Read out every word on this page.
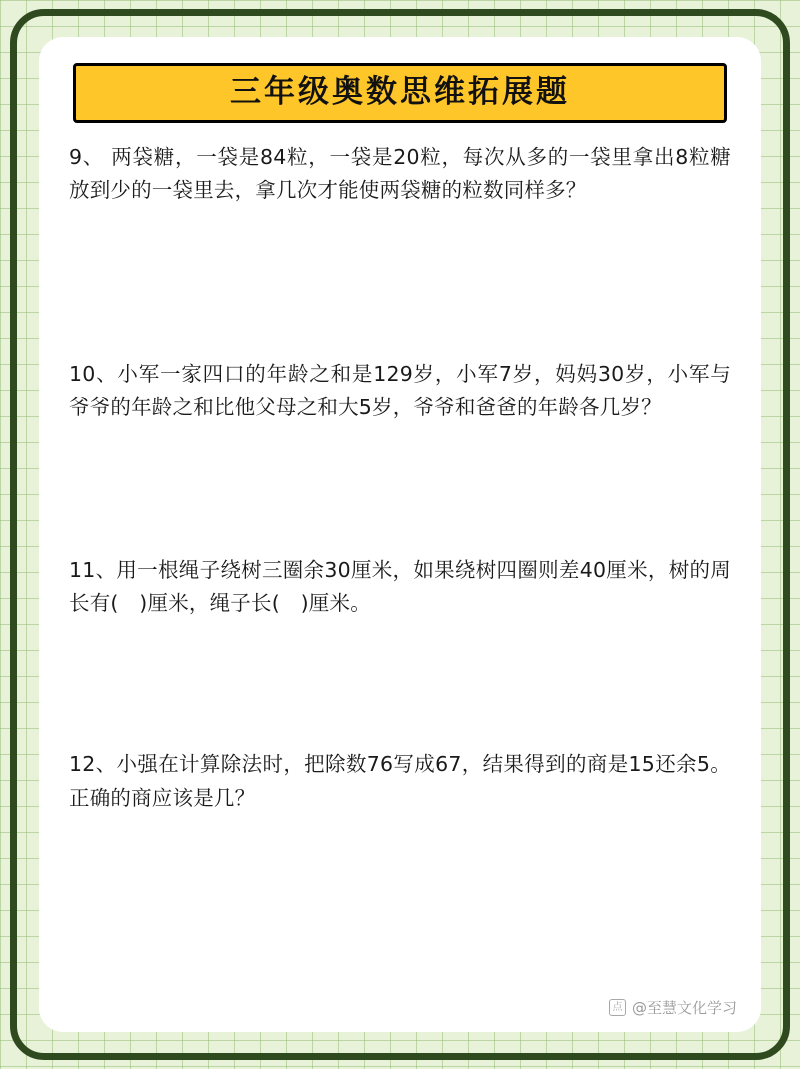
三年级奥数思维拓展题
9、 两袋糖，一袋是84粒，一袋是20粒，每次从多的一袋里拿出8粒糖放到少的一袋里去，拿几次才能使两袋糖的粒数同样多？
10、小军一家四口的年龄之和是129岁，小军7岁，妈妈30岁，小军与爷爷的年龄之和比他父母之和大5岁，爷爷和爸爸的年龄各几岁？
11、用一根绳子绕树三圈余30厘米，如果绕树四圈则差40厘米，树的周长有(　)厘米，绳子长(　)厘米。
12、小强在计算除法时，把除数76写成67，结果得到的商是15还余5。正确的商应该是几？
点 @至慧文化学习
